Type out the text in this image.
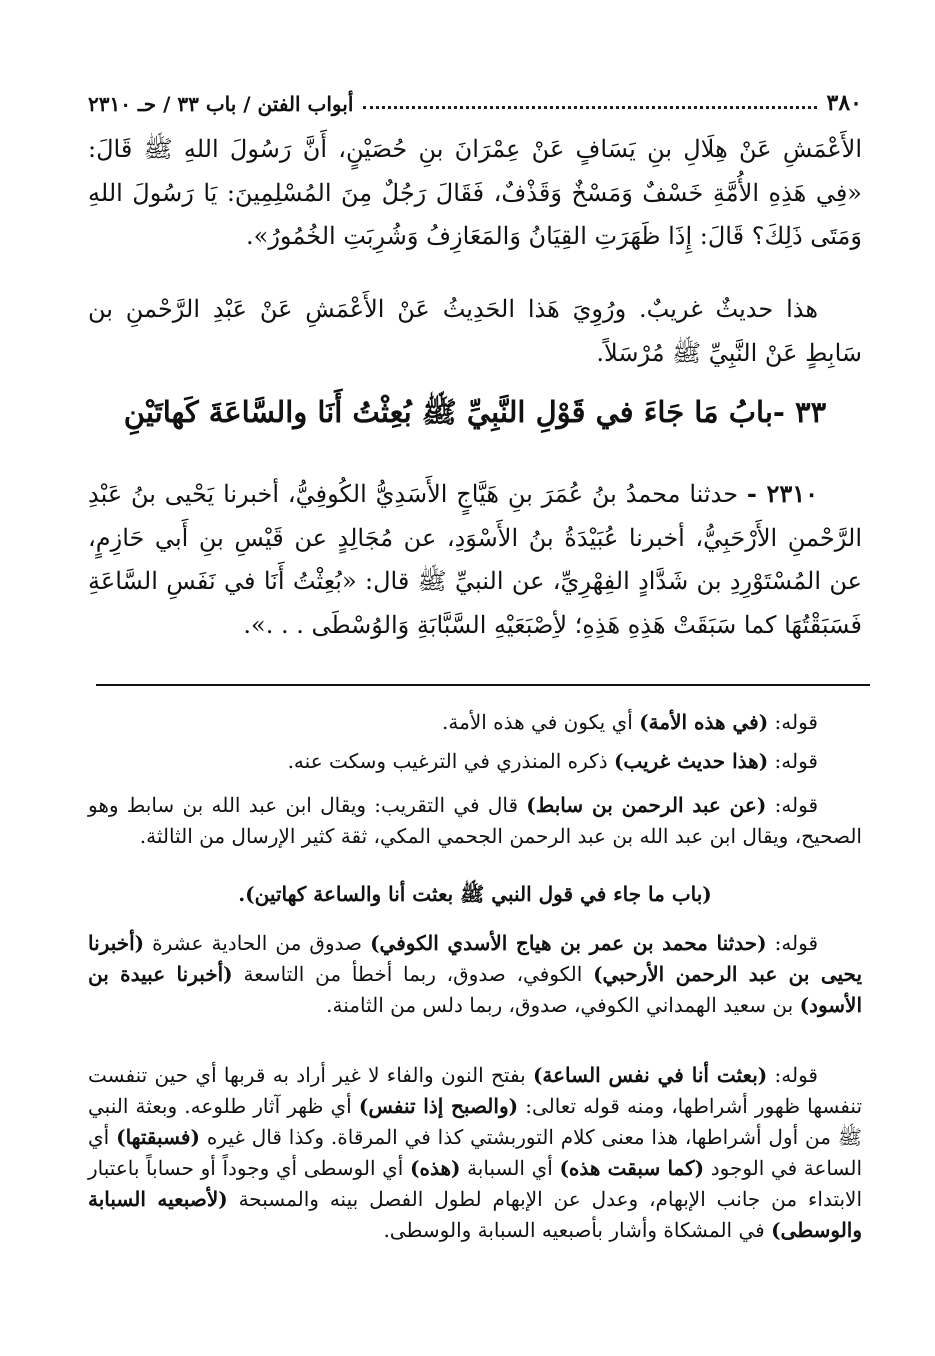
٣٨٠
أبواب الفتن / باب ٣٣ / حـ ٢٣١٠

الأَعْمَشِ عَنْ هِلَالِ بنِ يَسَافٍ عَنْ عِمْرَانَ بنِ حُصَيْنٍ، أَنَّ رَسُولَ اللهِ ﷺ قَالَ: «فِي هَذِهِ الأُمَّةِ خَسْفٌ وَمَسْخٌ وَقَذْفٌ، فَقَالَ رَجُلٌ مِنَ المُسْلِمِينَ: يَا رَسُولَ اللهِ وَمَتَى ذَلِكَ؟ قَالَ: إِذَا ظَهَرَتِ القِيَانُ وَالمَعَازِفُ وَشُرِبَتِ الخُمُورُ».

هذا حديثٌ غريبٌ. ورُوِيَ هَذا الحَدِيثُ عَنْ الأَعْمَشِ عَنْ عَبْدِ الرَّحْمنِ بن سَابِطٍ عَنْ النَّبِيِّ ﷺ مُرْسَلاً.

٣٣ -بابُ مَا جَاءَ في قَوْلِ النَّبِيِّ ﷺ بُعِثْتُ أَنَا والسَّاعَةَ كَهاتَيْنِ

٢٣١٠ - حدثنا محمدُ بنُ عُمَرَ بنِ هَيَّاجٍ الأَسَدِيُّ الكُوفِيُّ، أخبرنا يَحْيى بنُ عَبْدِ الرَّحْمنِ الأَرْحَبِيُّ، أخبرنا عُبَيْدَةُ بنُ الأَسْوَدِ، عن مُجَالِدٍ عن قَيْسِ بنِ أَبي حَازِمٍ، عن المُسْتَوْرِدِ بن شَدَّادٍ الفِهْرِيِّ، عن النبيِّ ﷺ قال: «بُعِثْتُ أَنَا في نَفَسِ السَّاعَةِ فَسَبَقْتُهَا كما سَبَقَتْ هَذِهِ هَذِهِ؛ لأِصْبَعَيْهِ السَّبَّابَةِ وَالوُسْطَى . . .».

قوله: (في هذه الأمة) أي يكون في هذه الأمة.

قوله: (هذا حديث غريب) ذكره المنذري في الترغيب وسكت عنه.

قوله: (عن عبد الرحمن بن سابط) قال في التقريب: ويقال ابن عبد الله بن سابط وهو الصحيح، ويقال ابن عبد الله بن عبد الرحمن الجحمي المكي، ثقة كثير الإرسال من الثالثة.

(باب ما جاء في قول النبي ﷺ بعثت أنا والساعة كهاتين).

قوله: (حدثنا محمد بن عمر بن هياج الأسدي الكوفي) صدوق من الحادية عشرة (أخبرنا يحيى بن عبد الرحمن الأرحبي) الكوفي، صدوق، ربما أخطأ من التاسعة (أخبرنا عبيدة بن الأسود) بن سعيد الهمداني الكوفي، صدوق، ربما دلس من الثامنة.

قوله: (بعثت أنا في نفس الساعة) بفتح النون والفاء لا غير أراد به قربها أي حين تنفست تنفسها ظهور أشراطها، ومنه قوله تعالى: (والصبح إذا تنفس) أي ظهر آثار طلوعه. وبعثة النبي ﷺ من أول أشراطها، هذا معنى كلام التوربشتي كذا في المرقاة. وكذا قال غيره (فسبقتها) أي الساعة في الوجود (كما سبقت هذه) أي السبابة (هذه) أي الوسطى أي وجوداً أو حساباً باعتبار الابتداء من جانب الإبهام، وعدل عن الإبهام لطول الفصل بينه والمسبحة (لأصبعيه السبابة والوسطى) في المشكاة وأشار بأصبعيه السبابة والوسطى.
